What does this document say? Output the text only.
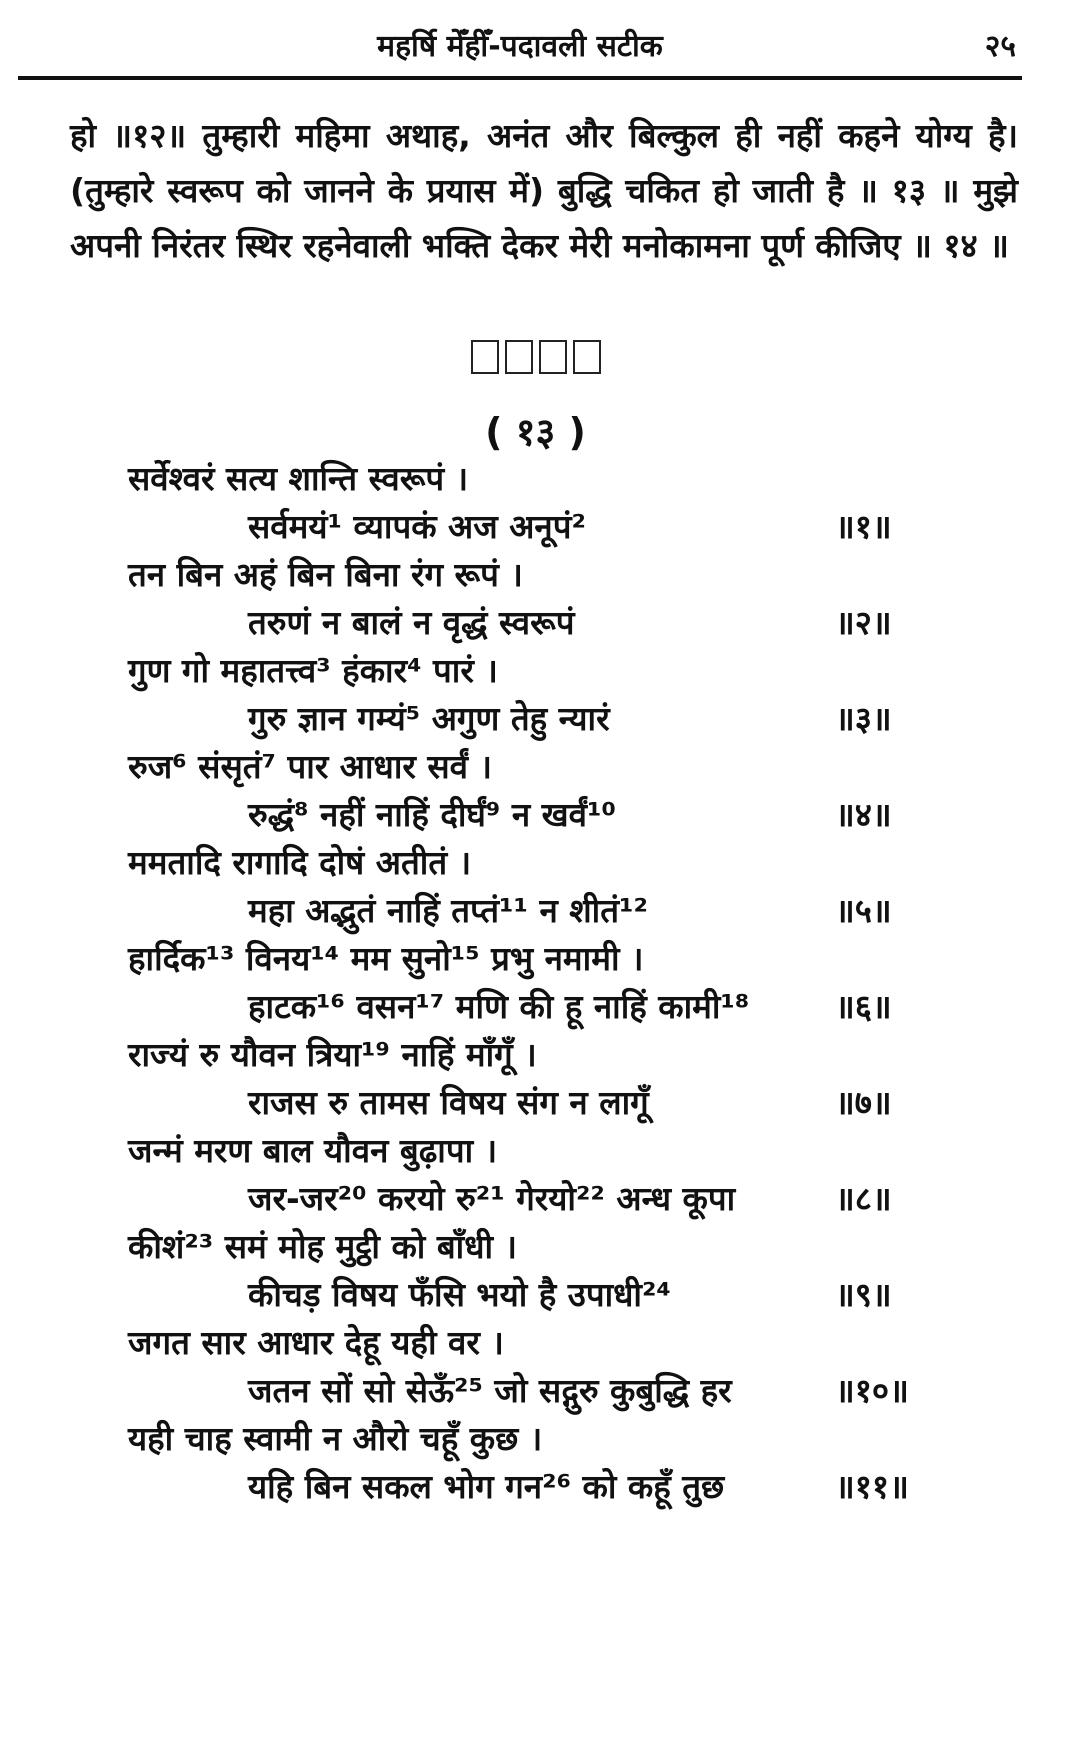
महर्षि मेँहीँ-पदावली सटीक	२५
हो ॥१२॥ तुम्हारी महिमा अथाह, अनंत और बिल्कुल ही नहीं कहने योग्य है। (तुम्हारे स्वरूप को जानने के प्रयास में) बुद्धि चकित हो जाती है ॥ १३ ॥ मुझे अपनी निरंतर स्थिर रहनेवाली भक्ति देकर मेरी मनोकामना पूर्ण कीजिए ॥ १४ ॥
( १३ )
सर्वेश्वरं सत्य शान्ति स्वरूपं ।
सर्वमयं¹ व्यापकं अज अनूपं²	॥१॥
तन बिन अहं बिन बिना रंग रूपं ।
तरुणं न बालं न वृद्धं स्वरूपं	॥२॥
गुण गो महातत्त्व³ हंकार⁴ पारं ।
गुरु ज्ञान गम्यं⁵ अगुण तेहु न्यारं	॥३॥
रुज⁶ संसृतं⁷ पार आधार सर्वं ।
रुद्धं⁸ नहीं नाहिं दीर्घं⁹ न खर्वं¹⁰	॥४॥
ममतादि रागादि दोषं अतीतं ।
महा अद्भुतं नाहिं तप्तं¹¹ न शीतं¹²	॥५॥
हार्दिक¹³ विनय¹⁴ मम सुनो¹⁵ प्रभु नमामी ।
हाटक¹⁶ वसन¹⁷ मणि की हू नाहिं कामी¹⁸	॥६॥
राज्यं रु यौवन त्रिया¹⁹ नाहिं माँगूँ ।
राजस रु तामस विषय संग न लागूँ	॥७॥
जन्मं मरण बाल यौवन बुढ़ापा ।
जर-जर²⁰ करयो रु²¹ गेरयो²² अन्ध कूपा	॥८॥
कीशं²³ समं मोह मुट्ठी को बाँधी ।
कीचड़ विषय फँसि भयो है उपाधी²⁴	॥९॥
जगत सार आधार देहू यही वर ।
जतन सों सो सेऊँ²⁵ जो सद्गुरु कुबुद्धि हर	॥१०॥
यही चाह स्वामी न औरो चहूँ कुछ ।
यहि बिन सकल भोग गन²⁶ को कहूँ तुछ	॥११॥
